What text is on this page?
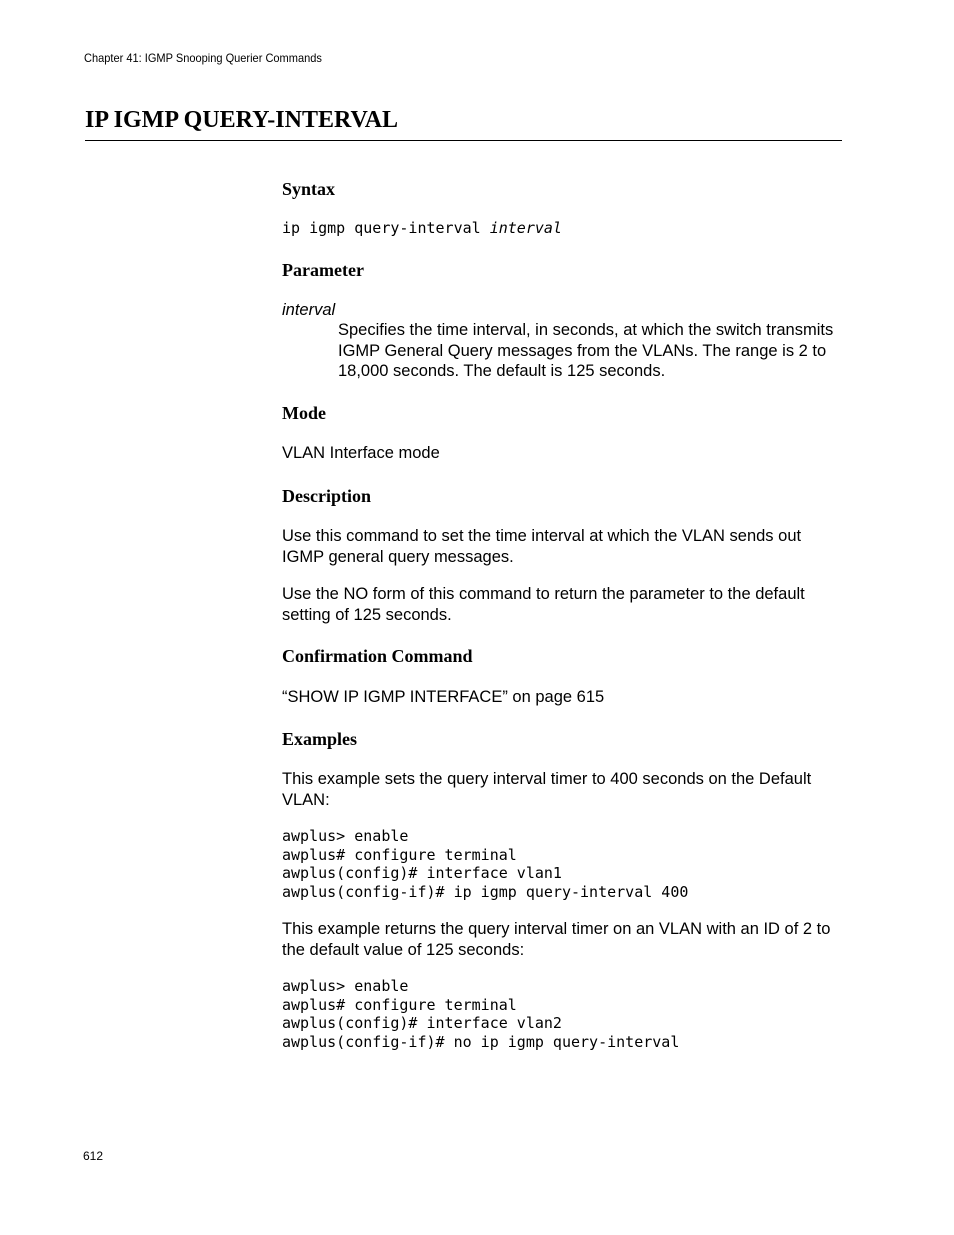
Chapter 41: IGMP Snooping Querier Commands
IP IGMP QUERY-INTERVAL
Syntax
ip igmp query-interval interval
Parameter
interval

Specifies the time interval, in seconds, at which the switch transmits IGMP General Query messages from the VLANs. The range is 2 to 18,000 seconds. The default is 125 seconds.

Mode

VLAN Interface mode

Description

Use this command to set the time interval at which the VLAN sends out IGMP general query messages.

Use the NO form of this command to return the parameter to the default setting of 125 seconds.

Confirmation Command

“SHOW IP IGMP INTERFACE” on page 615

Examples

This example sets the query interval timer to 400 seconds on the Default VLAN:

awplus> enable
awplus# configure terminal
awplus(config)# interface vlan1
awplus(config-if)# ip igmp query-interval 400

This example returns the query interval timer on an VLAN with an ID of 2 to the default value of 125 seconds:

awplus> enable
awplus# configure terminal
awplus(config)# interface vlan2
awplus(config-if)# no ip igmp query-interval
612
